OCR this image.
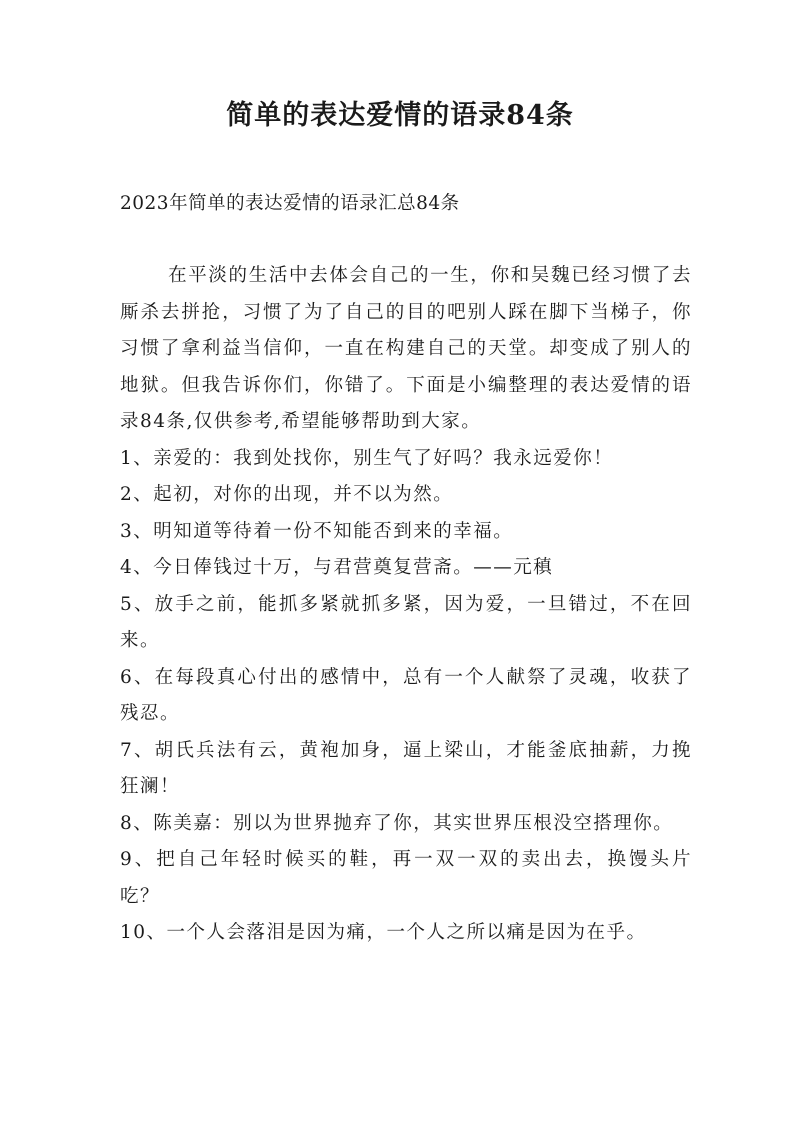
简单的表达爱情的语录84条
2023年简单的表达爱情的语录汇总84条

在平淡的生活中去体会自己的一生，你和吴魏已经习惯了去厮杀去拼抢，习惯了为了自己的目的吧别人踩在脚下当梯子，你习惯了拿利益当信仰，一直在构建自己的天堂。却变成了别人的地狱。但我告诉你们，你错了。下面是小编整理的表达爱情的语录84条,仅供参考,希望能够帮助到大家。

1、亲爱的：我到处找你，别生气了好吗？我永远爱你！

2、起初，对你的出现，并不以为然。

3、明知道等待着一份不知能否到来的幸福。

4、今日俸钱过十万，与君营奠复营斋。——元稹

5、放手之前，能抓多紧就抓多紧，因为爱，一旦错过，不在回来。

6、在每段真心付出的感情中，总有一个人献祭了灵魂，收获了残忍。

7、胡氏兵法有云，黄袍加身，逼上梁山，才能釜底抽薪，力挽狂澜！

8、陈美嘉：别以为世界抛弃了你，其实世界压根没空搭理你。

9、把自己年轻时候买的鞋，再一双一双的卖出去，换馒头片吃？

10、一个人会落泪是因为痛，一个人之所以痛是因为在乎。
